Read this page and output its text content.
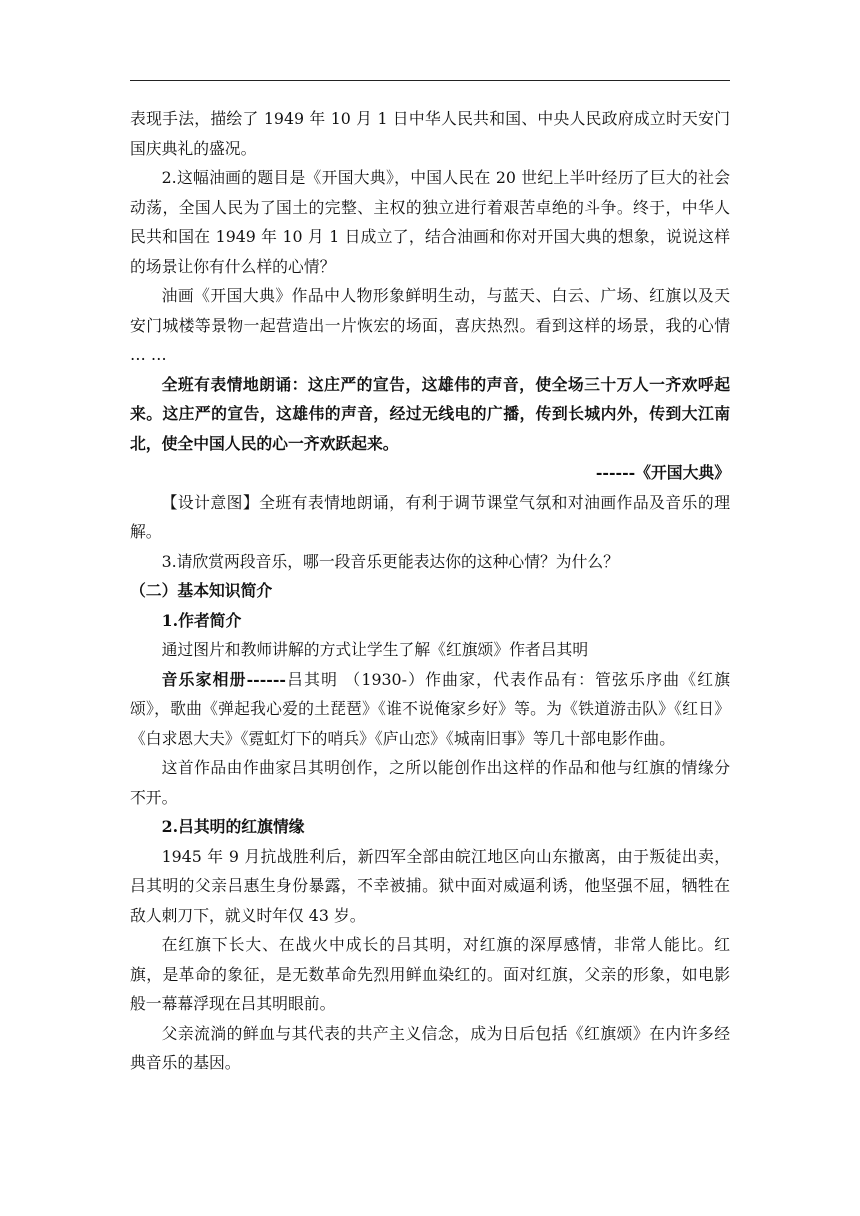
表现手法，描绘了 1949 年 10 月 1 日中华人民共和国、中央人民政府成立时天安门国庆典礼的盛况。

2.这幅油画的题目是《开国大典》，中国人民在 20 世纪上半叶经历了巨大的社会动荡，全国人民为了国土的完整、主权的独立进行着艰苦卓绝的斗争。终于，中华人民共和国在 1949 年 10 月 1 日成立了，结合油画和你对开国大典的想象，说说这样的场景让你有什么样的心情？

油画《开国大典》作品中人物形象鲜明生动，与蓝天、白云、广场、红旗以及天安门城楼等景物一起营造出一片恢宏的场面，喜庆热烈。看到这样的场景，我的心情 … …

全班有表情地朗诵：这庄严的宣告，这雄伟的声音，使全场三十万人一齐欢呼起来。这庄严的宣告，这雄伟的声音，经过无线电的广播，传到长城内外，传到大江南北，使全中国人民的心一齐欢跃起来。

------《开国大典》

【设计意图】全班有表情地朗诵，有利于调节课堂气氛和对油画作品及音乐的理解。

3.请欣赏两段音乐，哪一段音乐更能表达你的这种心情？为什么？

（二）基本知识简介

1.作者简介

通过图片和教师讲解的方式让学生了解《红旗颂》作者吕其明

音乐家相册------吕其明 （1930-）作曲家，代表作品有：管弦乐序曲《红旗颂》，歌曲《弹起我心爱的土琵琶》《谁不说俺家乡好》等。为《铁道游击队》《红日》《白求恩大夫》《霓虹灯下的哨兵》《庐山恋》《城南旧事》等几十部电影作曲。

这首作品由作曲家吕其明创作，之所以能创作出这样的作品和他与红旗的情缘分不开。

2.吕其明的红旗情缘

1945 年 9 月抗战胜利后，新四军全部由皖江地区向山东撤离，由于叛徒出卖，吕其明的父亲吕惠生身份暴露，不幸被捕。狱中面对威逼利诱，他坚强不屈，牺牲在敌人刺刀下，就义时年仅 43 岁。

在红旗下长大、在战火中成长的吕其明，对红旗的深厚感情，非常人能比。红旗，是革命的象征，是无数革命先烈用鲜血染红的。面对红旗，父亲的形象，如电影般一幕幕浮现在吕其明眼前。

父亲流淌的鲜血与其代表的共产主义信念，成为日后包括《红旗颂》在内许多经典音乐的基因。
